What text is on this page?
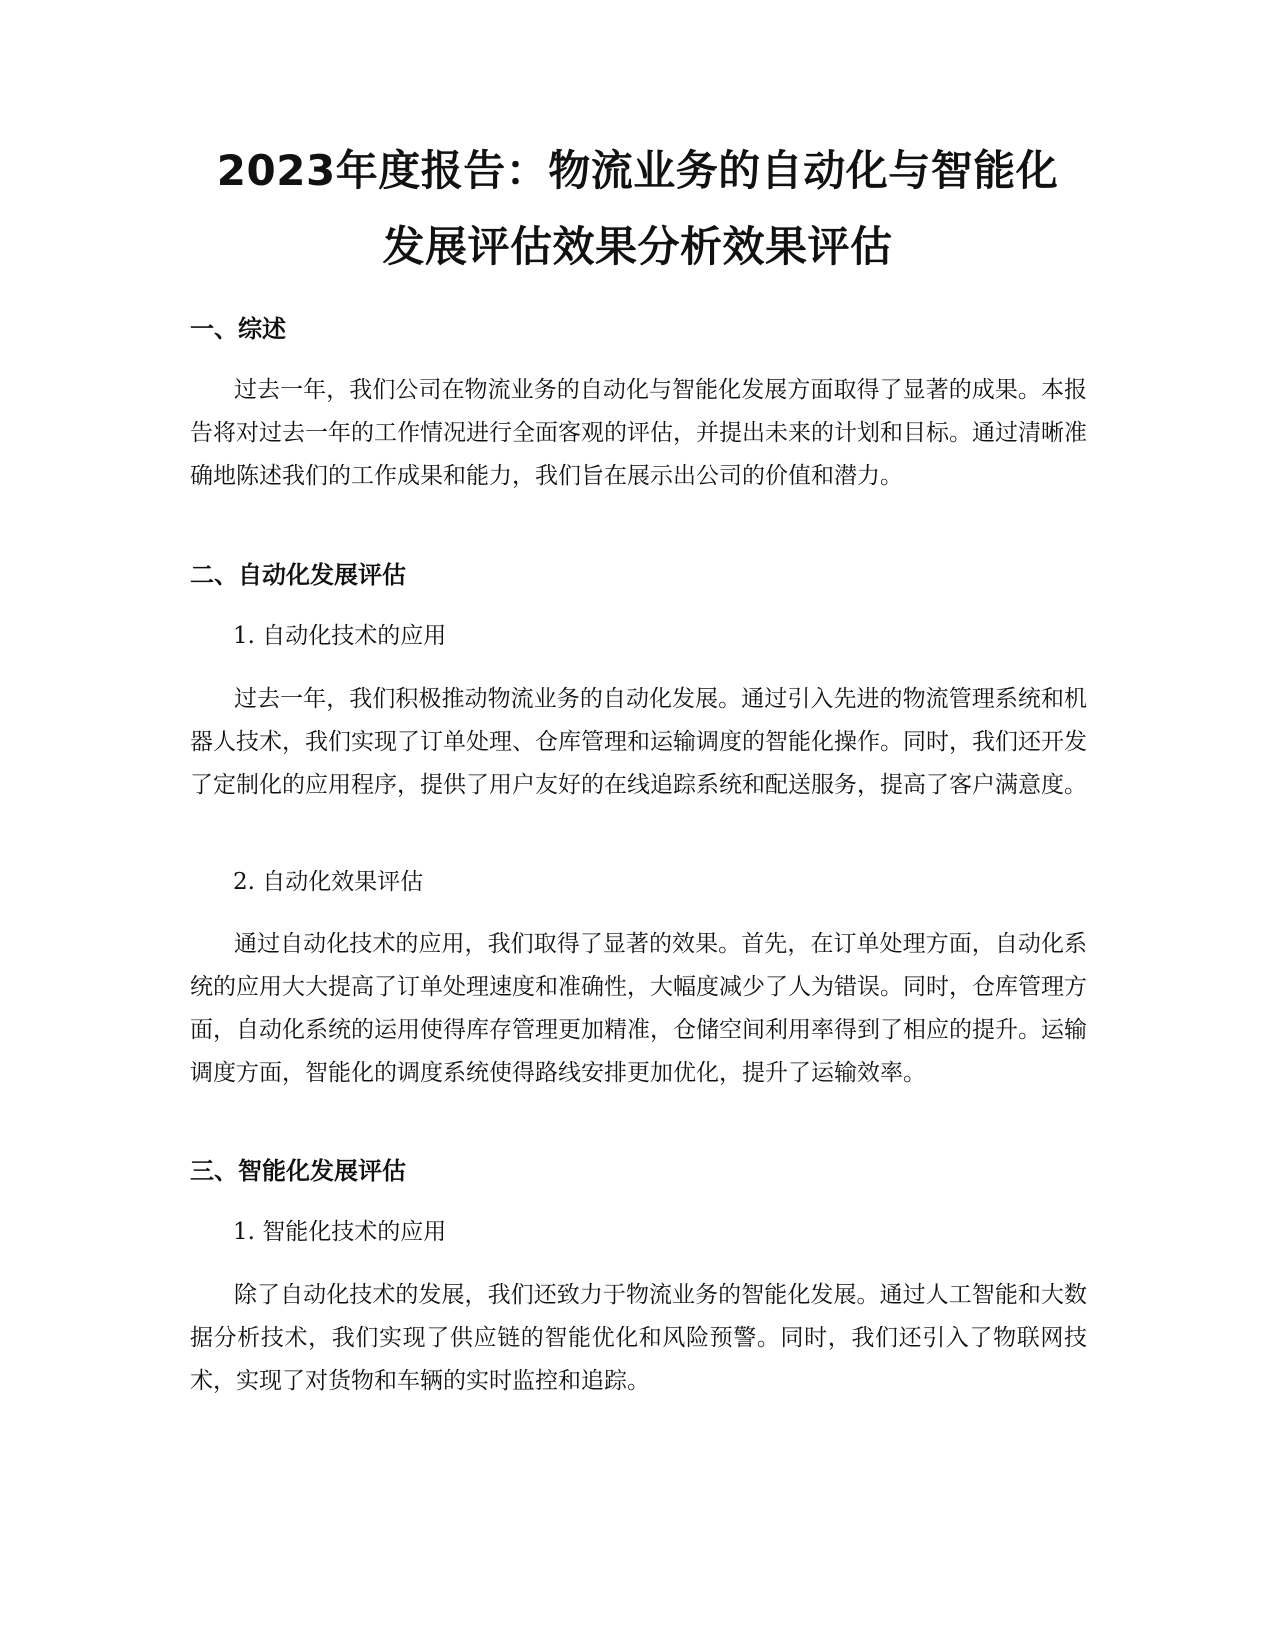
2023年度报告：物流业务的自动化与智能化
发展评估效果分析效果评估
一、综述

过去一年，我们公司在物流业务的自动化与智能化发展方面取得了显著的成果。本报告将对过去一年的工作情况进行全面客观的评估，并提出未来的计划和目标。通过清晰准确地陈述我们的工作成果和能力，我们旨在展示出公司的价值和潜力。

二、自动化发展评估
1. 自动化技术的应用

过去一年，我们积极推动物流业务的自动化发展。通过引入先进的物流管理系统和机器人技术，我们实现了订单处理、仓库管理和运输调度的智能化操作。同时，我们还开发了定制化的应用程序，提供了用户友好的在线追踪系统和配送服务，提高了客户满意度。

2. 自动化效果评估

通过自动化技术的应用，我们取得了显著的效果。首先，在订单处理方面，自动化系统的应用大大提高了订单处理速度和准确性，大幅度减少了人为错误。同时，仓库管理方面，自动化系统的运用使得库存管理更加精准，仓储空间利用率得到了相应的提升。运输调度方面，智能化的调度系统使得路线安排更加优化，提升了运输效率。

三、智能化发展评估
1. 智能化技术的应用

除了自动化技术的发展，我们还致力于物流业务的智能化发展。通过人工智能和大数据分析技术，我们实现了供应链的智能优化和风险预警。同时，我们还引入了物联网技术，实现了对货物和车辆的实时监控和追踪。
